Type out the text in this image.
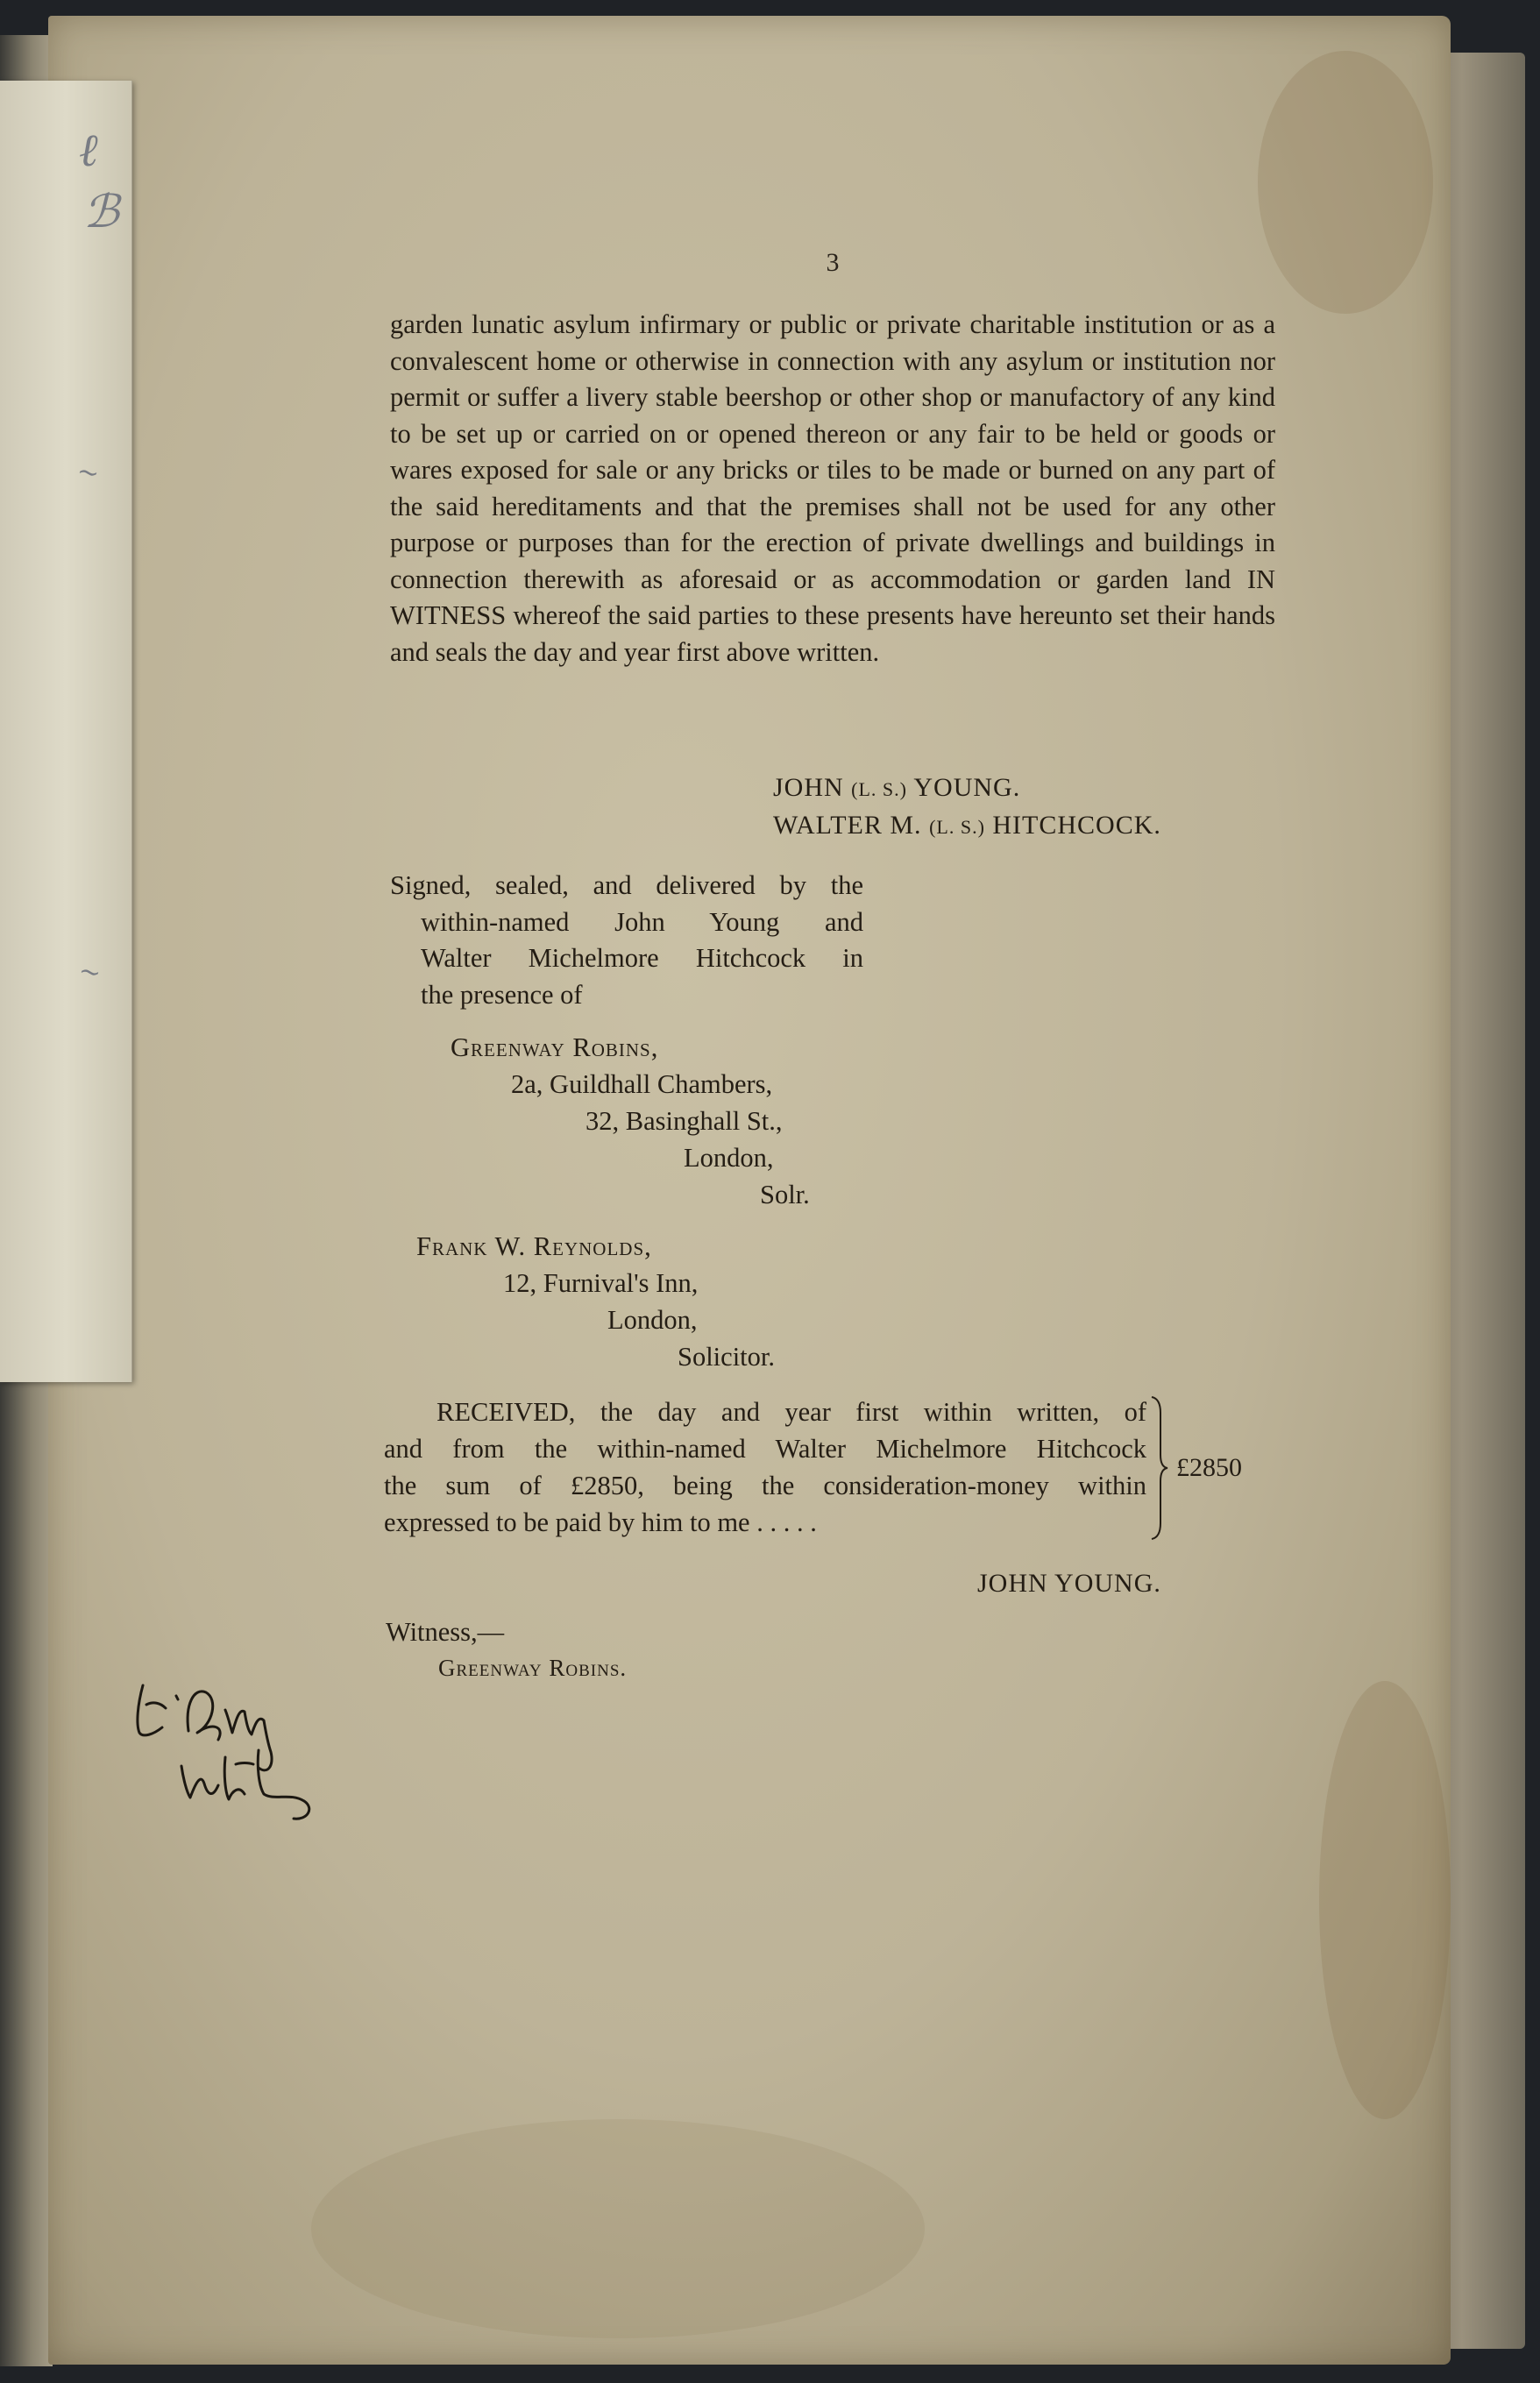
ℓ
ℬ
~
~
3

garden lunatic asylum infirmary or public or private charitable institution or as a convalescent home or otherwise in connection with any asylum or institution nor permit or suffer a livery stable beershop or other shop or manufactory of any kind to be set up or carried on or opened thereon or any fair to be held or goods or wares exposed for sale or any bricks or tiles to be made or burned on any part of the said hereditaments and that the premises shall not be used for any other purpose or purposes than for the erection of private dwellings and buildings in connection therewith as aforesaid or as accommodation or garden land IN WITNESS whereof the said parties to these presents have hereunto set their hands and seals the day and year first above written.

JOHN (L. S.) YOUNG.
WALTER M. (L. S.) HITCHCOCK.

Signed, sealed, and delivered by the
within-named John Young and
Walter Michelmore Hitchcock in
the presence of

Greenway Robins,
2a, Guildhall Chambers,
32, Basinghall St.,
London,
Solr.
Frank W. Reynolds,
12, Furnival's Inn,
London,
Solicitor.

RECEIVED, the day and year first within written, of
and from the within-named Walter Michelmore Hitchcock
the sum of £2850, being the consideration-money within
expressed to be paid by him to me . . . . .

£2850
JOHN YOUNG.
Witness,—
Greenway Robins.
